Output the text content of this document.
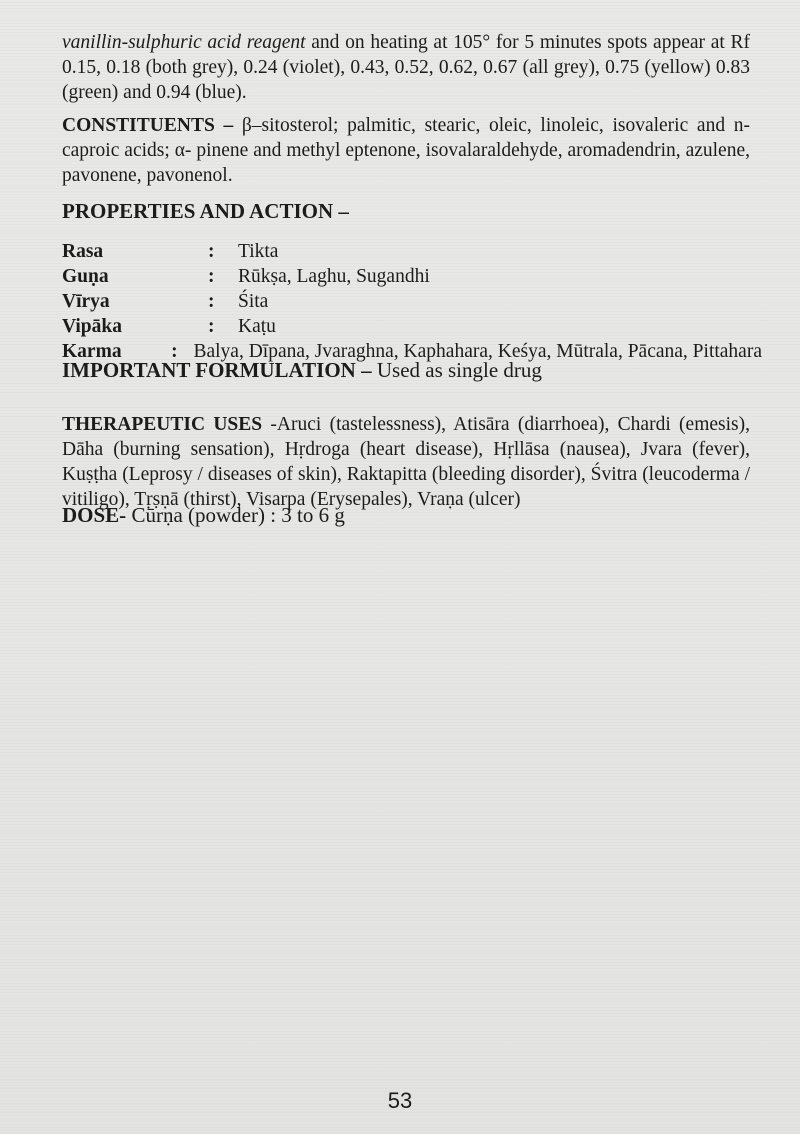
vanillin-sulphuric acid reagent and on heating at 105° for 5 minutes spots appear at Rf 0.15, 0.18 (both grey), 0.24 (violet), 0.43, 0.52, 0.62, 0.67 (all grey), 0.75 (yellow) 0.83 (green) and 0.94 (blue).
CONSTITUENTS – β–sitosterol; palmitic, stearic, oleic, linoleic, isovaleric and n-caproic acids; α- pinene and methyl eptenone, isovalaraldehyde, aromadendrin, azulene, pavonene, pavonenol.
PROPERTIES AND ACTION –
Rasa	:	Tikta
Guṇa	:	Rūkṣa, Laghu, Sugandhi
Vīrya	:	Śita
Vipāka	:	Kaṭu
Karma	: Balya, Dīpana, Jvaraghna, Kaphahara, Keśya, Mūtrala, Pācana, Pittahara
IMPORTANT FORMULATION – Used as single drug
THERAPEUTIC USES -Aruci (tastelessness), Atisāra (diarrhoea), Chardi (emesis), Dāha (burning sensation), Hṛdroga (heart disease), Hṛllāsa (nausea), Jvara (fever), Kuṣṭha (Leprosy / diseases of skin), Raktapitta (bleeding disorder), Śvitra (leucoderma / vitiligo), Tṛṣṇā (thirst), Visarpa (Erysepales), Vraṇa (ulcer)
DOSE- Cūrṇa (powder) : 3 to 6 g
53
